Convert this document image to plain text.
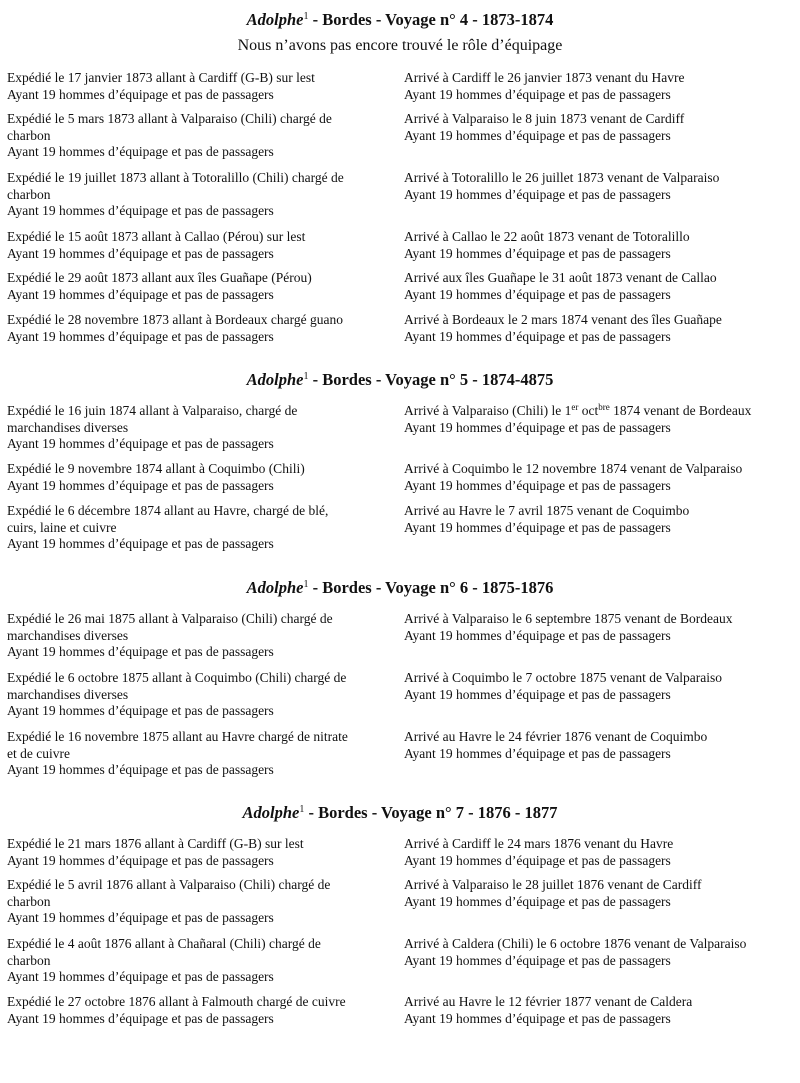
Adolphe$^1$ - Bordes - Voyage n° 4 - 1873-1874
Nous n’avons pas encore trouvé le rôle d’équipage
Expédié le 17 janvier 1873 allant à Cardiff (G-B) sur lest
Ayant 19 hommes d’équipage et pas de passagers
Arrivé à Cardiff le 26 janvier 1873 venant du Havre
Ayant 19 hommes d’équipage et pas de passagers
Expédié le 5 mars 1873 allant à Valparaiso (Chili) chargé de
charbon
Ayant 19 hommes d’équipage et pas de passagers
Arrivé à Valparaiso le 8 juin 1873 venant de Cardiff
Ayant 19 hommes d’équipage et pas de passagers
Expédié le 19 juillet 1873 allant à Totoralillo (Chili) chargé de
charbon
Ayant 19 hommes d’équipage et pas de passagers
Arrivé à Totoralillo le 26 juillet 1873 venant de Valparaiso
Ayant 19 hommes d’équipage et pas de passagers
Expédié le 15 août 1873 allant à Callao (Pérou) sur lest
Ayant 19 hommes d’équipage et pas de passagers
Arrivé à Callao le 22 août 1873 venant de Totoralillo
Ayant 19 hommes d’équipage et pas de passagers
Expédié le 29 août 1873 allant aux îles Guañape (Pérou)
Ayant 19 hommes d’équipage et pas de passagers
Arrivé aux îles Guañape le 31 août 1873 venant de Callao
Ayant 19 hommes d’équipage et pas de passagers
Expédié le 28 novembre 1873 allant à Bordeaux chargé guano
Ayant 19 hommes d’équipage et pas de passagers
Arrivé à Bordeaux le 2 mars 1874 venant des îles Guañape
Ayant 19 hommes d’équipage et pas de passagers
Adolphe$^1$ - Bordes - Voyage n° 5 - 1874-4875
Expédié le 16 juin 1874 allant à Valparaiso, chargé de
marchandises diverses
Ayant 19 hommes d’équipage et pas de passagers
Arrivé à Valparaiso (Chili) le 1er oct$^{bre}$ 1874 venant de Bordeaux
Ayant 19 hommes d’équipage et pas de passagers
Expédié le 9 novembre 1874 allant à Coquimbo (Chili)
Ayant 19 hommes d’équipage et pas de passagers
Arrivé à Coquimbo le 12 novembre 1874 venant de Valparaiso
Ayant 19 hommes d’équipage et pas de passagers
Expédié le 6 décembre 1874 allant au Havre, chargé de blé,
cuirs, laine et cuivre
Ayant 19 hommes d’équipage et pas de passagers
Arrivé au Havre le 7 avril 1875 venant de Coquimbo
Ayant 19 hommes d’équipage et pas de passagers
Adolphe$^1$ - Bordes - Voyage n° 6 - 1875-1876
Expédié le 26 mai 1875 allant à Valparaiso (Chili) chargé de
marchandises diverses
Ayant 19 hommes d’équipage et pas de passagers
Arrivé à Valparaiso le 6 septembre 1875 venant de Bordeaux
Ayant 19 hommes d’équipage et pas de passagers
Expédié le 6 octobre 1875 allant à Coquimbo (Chili) chargé de
marchandises diverses
Ayant 19 hommes d’équipage et pas de passagers
Arrivé à Coquimbo le 7 octobre 1875 venant de Valparaiso
Ayant 19 hommes d’équipage et pas de passagers
Expédié le 16 novembre 1875 allant au Havre chargé de nitrate
et de cuivre
Ayant 19 hommes d’équipage et pas de passagers
Arrivé au Havre le 24 février 1876 venant de Coquimbo
Ayant 19 hommes d’équipage et pas de passagers
Adolphe$^1$ - Bordes - Voyage n° 7 - 1876 - 1877
Expédié le 21 mars 1876 allant à Cardiff (G-B) sur lest
Ayant 19 hommes d’équipage et pas de passagers
Arrivé à Cardiff le 24 mars 1876 venant du Havre
Ayant 19 hommes d’équipage et pas de passagers
Expédié le 5 avril 1876 allant à Valparaiso (Chili) chargé de
charbon
Ayant 19 hommes d’équipage et pas de passagers
Arrivé à Valparaiso le 28 juillet 1876 venant de Cardiff
Ayant 19 hommes d’équipage et pas de passagers
Expédié le 4 août 1876 allant à Chañaral (Chili) chargé de
charbon
Ayant 19 hommes d’équipage et pas de passagers
Arrivé à Caldera (Chili) le 6 octobre 1876 venant de Valparaiso
Ayant 19 hommes d’équipage et pas de passagers
Expédié le 27 octobre 1876 allant à Falmouth chargé de cuivre
Ayant 19 hommes d’équipage et pas de passagers
Arrivé au Havre le 12 février 1877 venant de Caldera
Ayant 19 hommes d’équipage et pas de passagers
